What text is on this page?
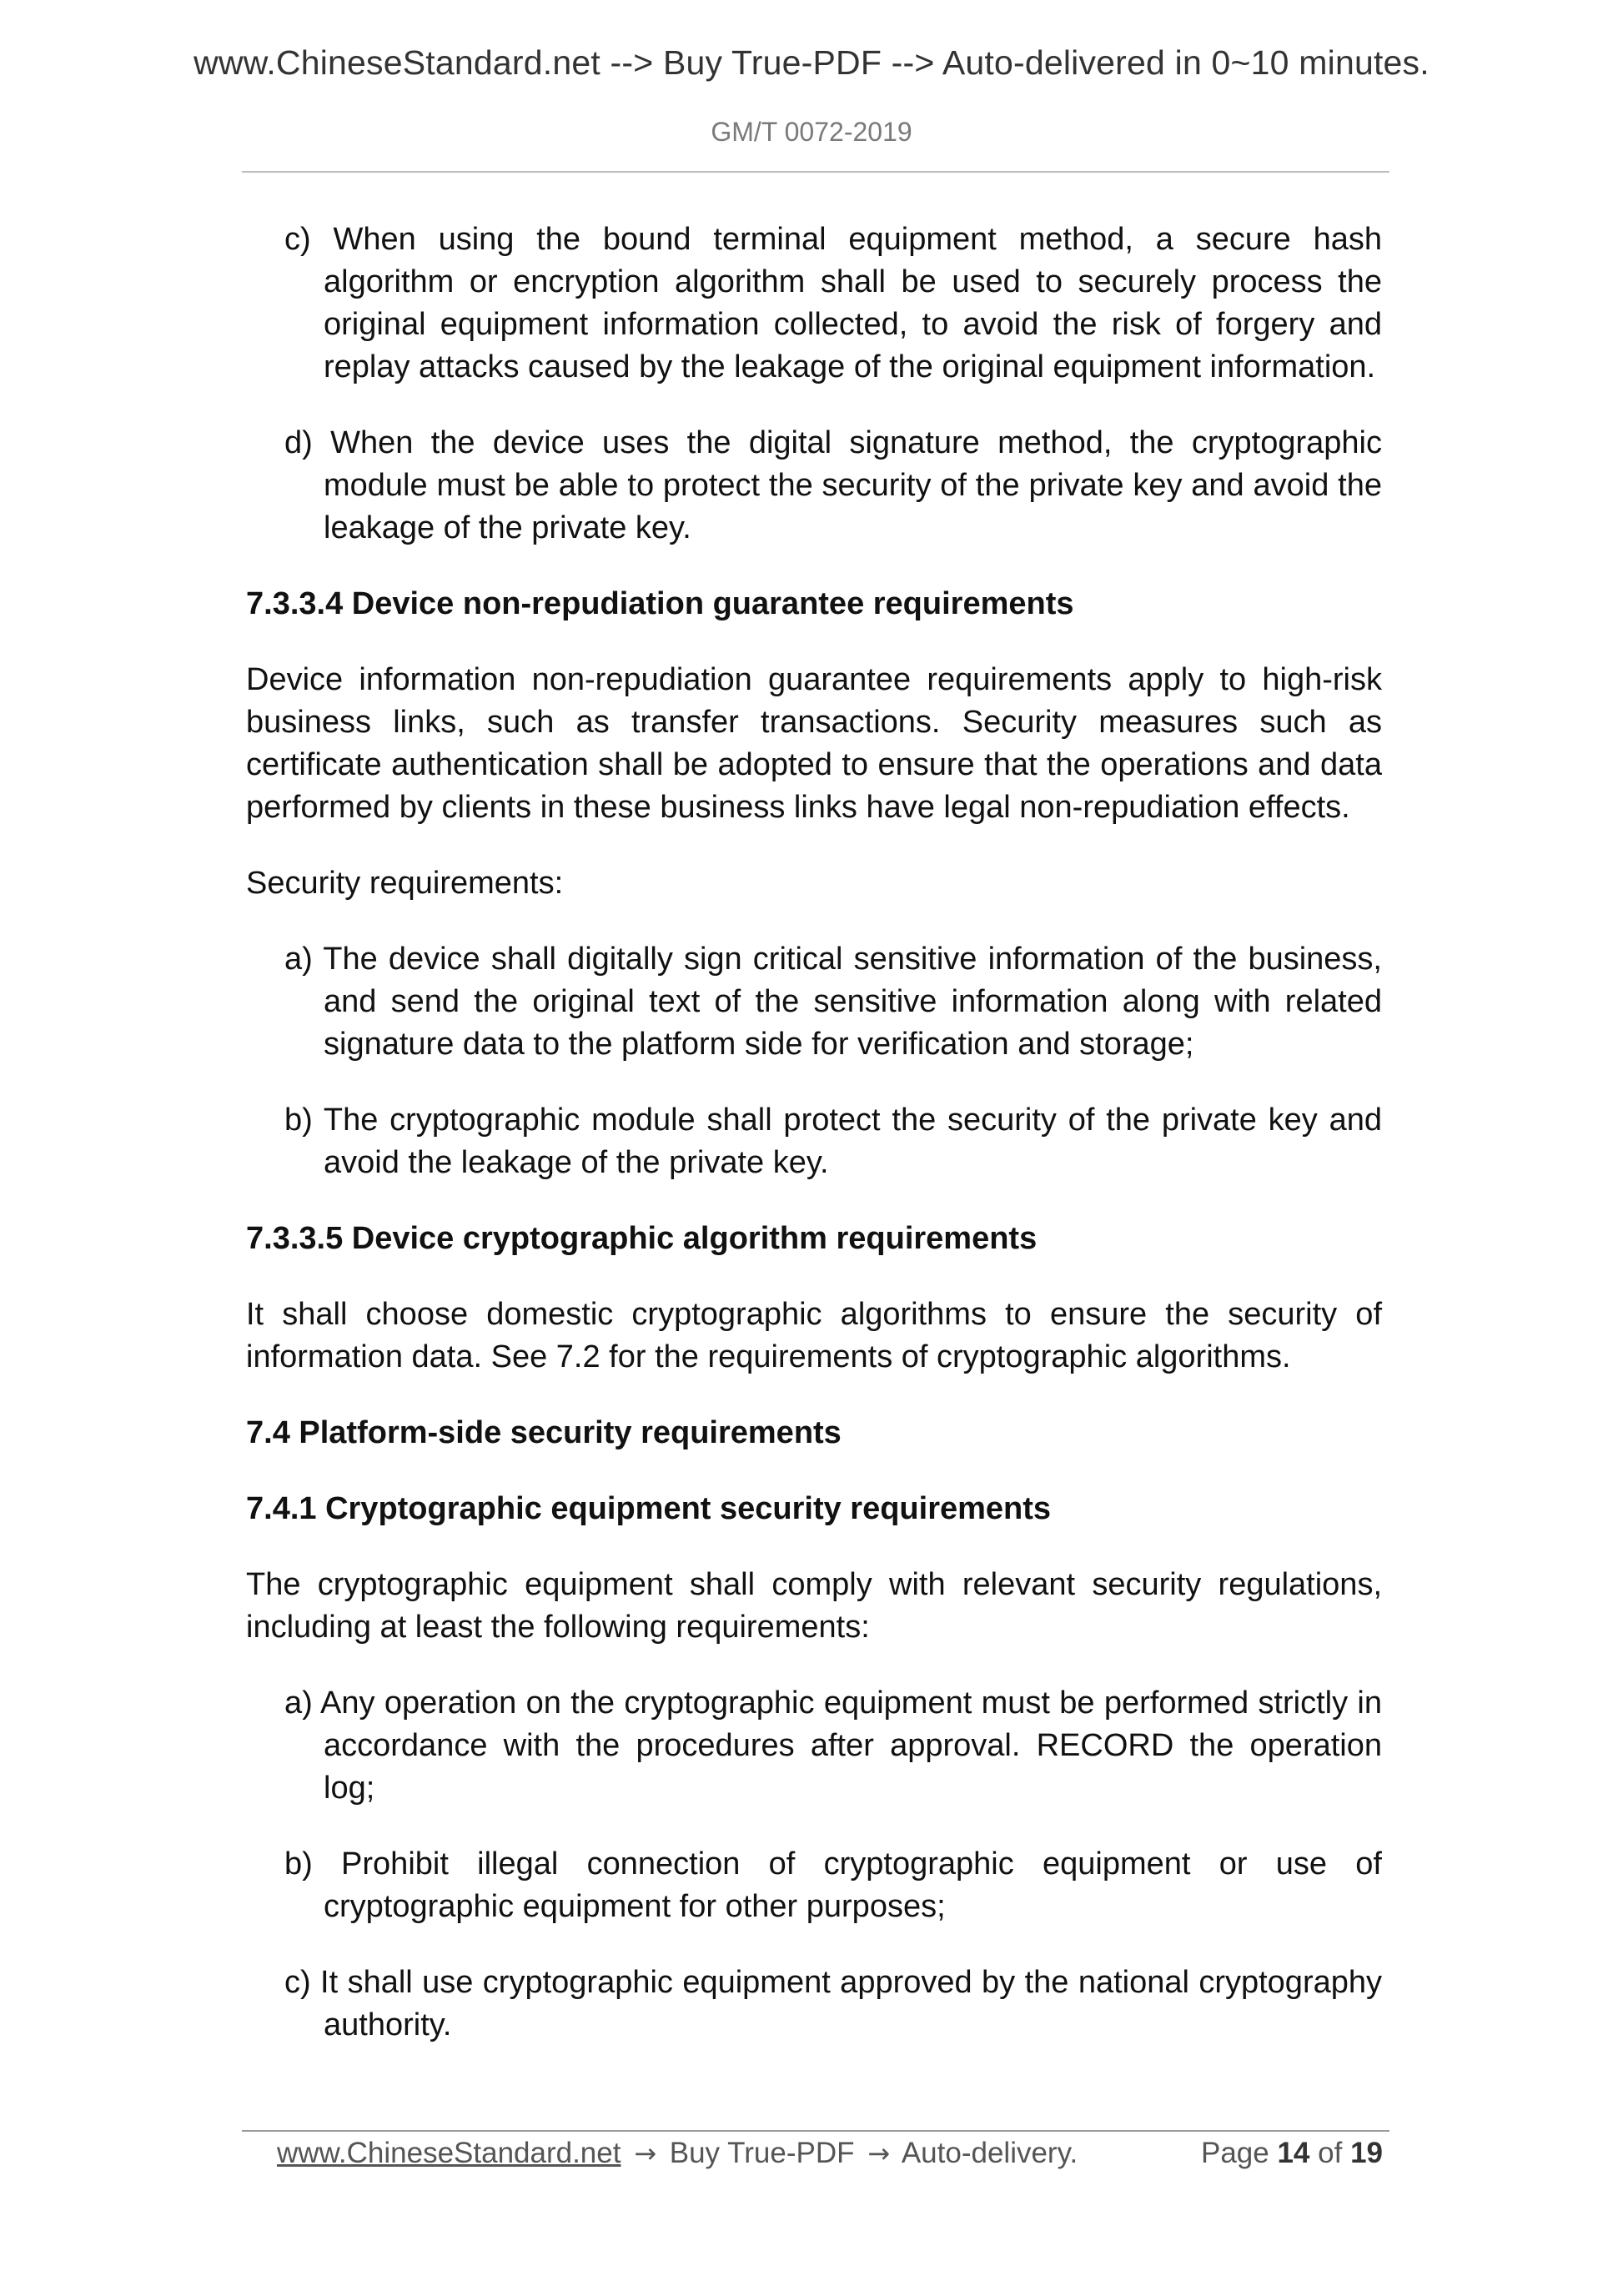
www.ChineseStandard.net --> Buy True-PDF --> Auto-delivered in 0~10 minutes.
GM/T 0072-2019

c) When using the bound terminal equipment method, a secure hash algorithm or encryption algorithm shall be used to securely process the original equipment information collected, to avoid the risk of forgery and replay attacks caused by the leakage of the original equipment information.

d) When the device uses the digital signature method, the cryptographic module must be able to protect the security of the private key and avoid the leakage of the private key.

7.3.3.4 Device non-repudiation guarantee requirements

Device information non-repudiation guarantee requirements apply to high-risk business links, such as transfer transactions. Security measures such as certificate authentication shall be adopted to ensure that the operations and data performed by clients in these business links have legal non-repudiation effects.

Security requirements:

a) The device shall digitally sign critical sensitive information of the business, and send the original text of the sensitive information along with related signature data to the platform side for verification and storage;

b) The cryptographic module shall protect the security of the private key and avoid the leakage of the private key.

7.3.3.5 Device cryptographic algorithm requirements

It shall choose domestic cryptographic algorithms to ensure the security of information data. See 7.2 for the requirements of cryptographic algorithms.

7.4 Platform-side security requirements

7.4.1 Cryptographic equipment security requirements

The cryptographic equipment shall comply with relevant security regulations, including at least the following requirements:

a) Any operation on the cryptographic equipment must be performed strictly in accordance with the procedures after approval. RECORD the operation log;

b) Prohibit illegal connection of cryptographic equipment or use of cryptographic equipment for other purposes;

c) It shall use cryptographic equipment approved by the national cryptography authority.

www.ChineseStandard.net → Buy True-PDF → Auto-delivery.	Page 14 of 19
